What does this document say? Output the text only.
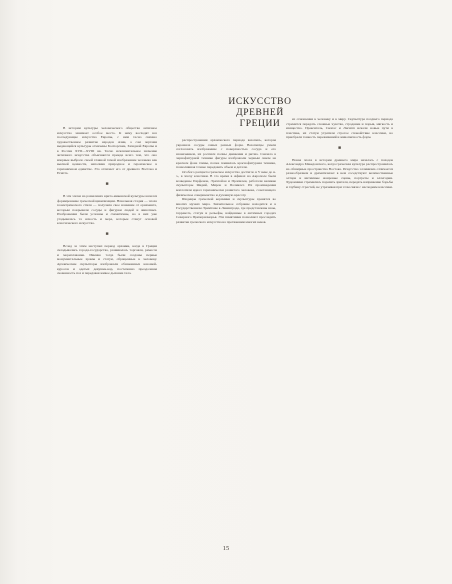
ИСКУССТВО
ДРЕВНЕЙ
ГРЕЦИИ

В истории культуры человеческого общества античное искусство занимает особое место. К нему восходят все последующие искусства Европы, с ним тесно связано художественное развитие народов Азии, а сам чертами выдающейся культуры отмечены Боспорские, Западной Европы и в России XVII—XVIII вв. Тесно исключительное значение античного искусства объясняется прежде всего тем, что оно впервые выбрало своей главной темой изображение человека как высшей ценности, наполнив природное и героическое в гармоничном единстве. Это отличает его от древнего Востока и Египта.

■

В эти эпохи на развалинах крито-микенской культуры начался формирование греческой цивилизации. Начальная стадия — эпоха геометрического стиля — получила свое название от орнамента, которым покрывали сосуды и фигурки людей и животных. Изображения были условны и схематичны, но в них уже угадывалась та ясность и мера, которые станут основой классического искусства.

■

Вслед за этим наступил период архаики, когда в Греции складывались города-государства, развивалась торговля, ремесла и мореплавание. Именно тогда были созданы первые монументальные храмы и статуи, обращенные к человеку. Архаические скульпторы изображали обнаженных юношей-куросов и одетых девушек-кор, постепенно преодолевая скованность поз и передавая живое дыхание тела.

распространения архаического периода вазопись, которая украшала сосуды самых разных форм. Вазописцы умели согласовать изображение с поверхностью сосуда и его назначением, их росписи полны движения и ритма. Сначала в чернофигурной технике фигуры изображали черным лаком на красном фоне глины, позже появилась краснофигурная техника, позволявшая точнее передавать объем и детали.

Особого расцвета греческое искусство достигло в V веке до н. э., в эпоху классики. В это время в Афинах на Акрополе были возведены Парфенон, Эрехтейон и Пропилеи, работали великие скульпторы Фидий, Мирон и Поликлет. Их произведения воплотили идеал гармонически развитого человека, сочетающего физическое совершенство и духовную красоту.

Шедевры греческой керамики и скульптуры хранятся во многих музеях мира. Значительное собрание находится и в Государственном Эрмитаже в Ленинграде, где представлены вазы, терракота, статуи и рельефы, найденные в античных городах Северного Причерноморья. Эти памятники позволяют проследить развитие греческого искусства на протяжении многих веков.

из отношения к человеку и к миру. Скульптура позднего периода стремится передать сложные чувства, страдание и порыв, мягкость и изящество. Пракситель, Скопас и Лисипп искали новые пути в пластике, их статуи утратили строгое спокойствие классики, но приобрели тонкость переживаний и живописность форм.

■

Новая эпоха в истории древнего мира началась с походов Александра Македонского, когда греческая культура распространилась на обширные пространства Востока. Искусство эллинизма отличается разнообразием и драматизмом: в нем соседствуют величественные алтари и интимные жанровые сцены, портреты и аллегории. Художники стремились поразить зрителя, передать напряжение борьбы и глубину страстей, не утрачивая при этом связи с наследием классики.

15
